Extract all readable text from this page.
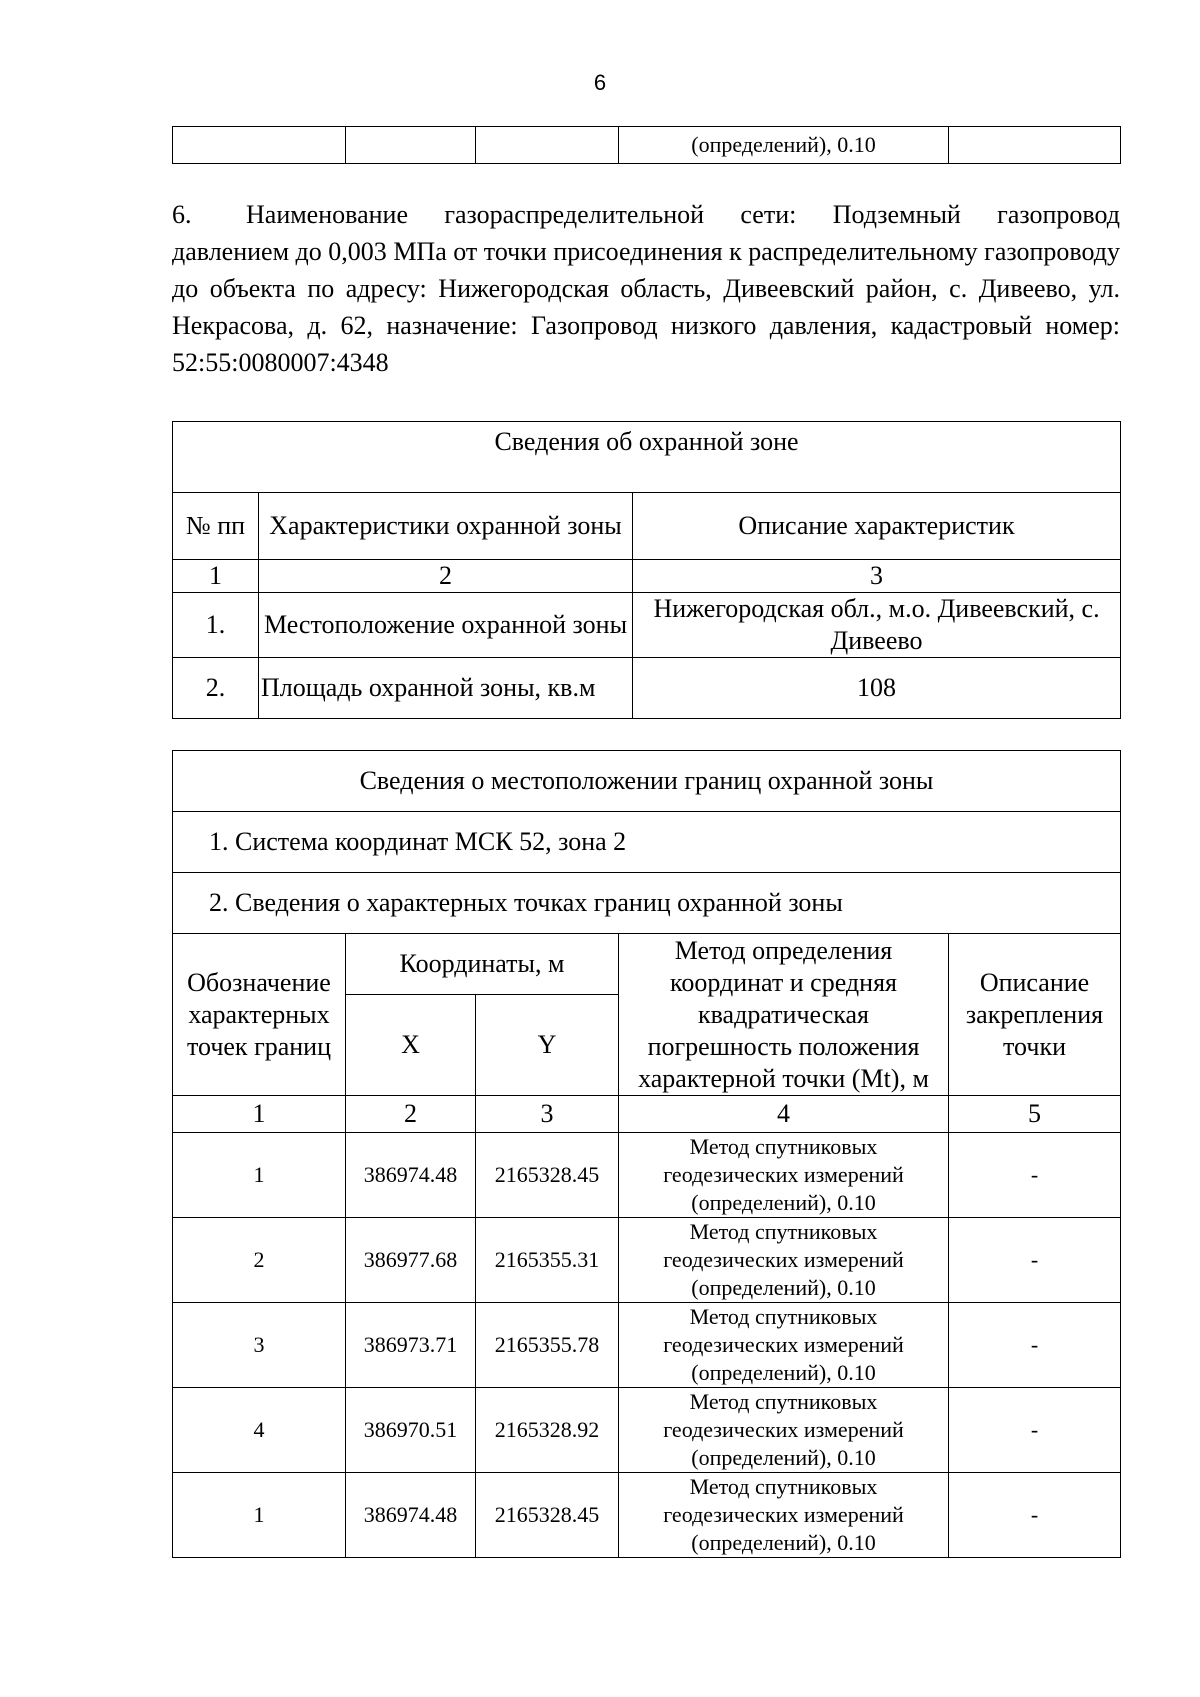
6
			(определений), 0.10	

6. Наименование газораспределительной сети: Подземный газопровод давлением до 0,003 МПа от точки присоединения к распределительному газопроводу до объекта по адресу: Нижегородская область, Дивеевский район, с. Дивеево, ул. Некрасова, д. 62, назначение: Газопровод низкого давления, кадастровый номер: 52:55:0080007:4348

Сведения об охранной зоне		
№ пп	Характеристики охранной зоны	Описание характеристик
1	2	3
1.	Местоположение охранной зоны	Нижегородская обл., м.о. Дивеевский, с. Дивеево
2.	Площадь охранной зоны, кв.м	108
Сведения о местоположении границ охранной зоны				
1. Система координат МСК 52, зона 2				
2. Сведения о характерных точках границ охранной зоны				
Обозначение характерных точек границ	Координаты, м		Метод определения координат и средняя квадратическая погрешность положения характерной точки (Mt), м	Описание закрепления точки
	X	Y		
1	2	3	4	5
1	386974.48	2165328.45	Метод спутниковых геодезических измерений (определений), 0.10	-
2	386977.68	2165355.31	Метод спутниковых геодезических измерений (определений), 0.10	-
3	386973.71	2165355.78	Метод спутниковых геодезических измерений (определений), 0.10	-
4	386970.51	2165328.92	Метод спутниковых геодезических измерений (определений), 0.10	-
1	386974.48	2165328.45	Метод спутниковых геодезических измерений (определений), 0.10	-
